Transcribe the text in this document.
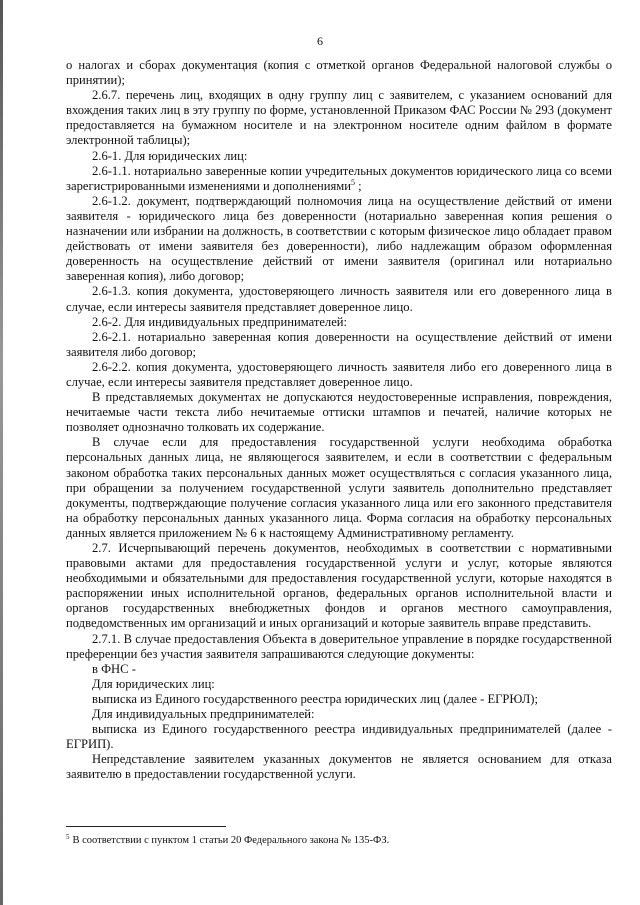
6

о налогах и сборах документация (копия с отметкой органов Федеральной налоговой службы о принятии);

2.6.7. перечень лиц, входящих в одну группу лиц с заявителем, с указанием оснований для вхождения таких лиц в эту группу по форме, установленной Приказом ФАС России № 293 (документ предоставляется на бумажном носителе и на электронном носителе одним файлом в формате электронной таблицы);

2.6-1. Для юридических лиц:

2.6-1.1. нотариально заверенные копии учредительных документов юридического лица со всеми зарегистрированными изменениями и дополнениями$^5$ ;

2.6-1.2. документ, подтверждающий полномочия лица на осуществление действий от имени заявителя - юридического лица без доверенности (нотариально заверенная копия решения о назначении или избрании на должность, в соответствии с которым физическое лицо обладает правом действовать от имени заявителя без доверенности), либо надлежащим образом оформленная доверенность на осуществление действий от имени заявителя (оригинал или нотариально заверенная копия), либо договор;

2.6-1.3. копия документа, удостоверяющего личность заявителя или его доверенного лица в случае, если интересы заявителя представляет доверенное лицо.

2.6-2. Для индивидуальных предпринимателей:

2.6-2.1. нотариально заверенная копия доверенности на осуществление действий от имени заявителя либо договор;

2.6-2.2. копия документа, удостоверяющего личность заявителя либо его доверенного лица в случае, если интересы заявителя представляет доверенное лицо.

В представляемых документах не допускаются неудостоверенные исправления, повреждения, нечитаемые части текста либо нечитаемые оттиски штампов и печатей, наличие которых не позволяет однозначно толковать их содержание.

В случае если для предоставления государственной услуги необходима обработка персональных данных лица, не являющегося заявителем, и если в соответствии с федеральным законом обработка таких персональных данных может осуществляться с согласия указанного лица, при обращении за получением государственной услуги заявитель дополнительно представляет документы, подтверждающие получение согласия указанного лица или его законного представителя на обработку персональных данных указанного лица. Форма согласия на обработку персональных данных является приложением № 6 к настоящему Административному регламенту.

2.7. Исчерпывающий перечень документов, необходимых в соответствии с нормативными правовыми актами для предоставления государственной услуги и услуг, которые являются необходимыми и обязательными для предоставления государственной услуги, которые находятся в распоряжении иных исполнительной органов, федеральных органов исполнительной власти и органов государственных внебюджетных фондов и органов местного самоуправления, подведомственных им организаций и иных организаций и которые заявитель вправе представить.

2.7.1. В случае предоставления Объекта в доверительное управление в порядке государственной преференции без участия заявителя запрашиваются следующие документы:

в ФНС -

Для юридических лиц:

выписка из Единого государственного реестра юридических лиц (далее - ЕГРЮЛ);

Для индивидуальных предпринимателей:

выписка из Единого государственного реестра индивидуальных предпринимателей (далее - ЕГРИП).

Непредставление заявителем указанных документов не является основанием для отказа заявителю в предоставлении государственной услуги.

$^5$ В соответствии с пунктом 1 статьи 20 Федерального закона № 135-ФЗ.
